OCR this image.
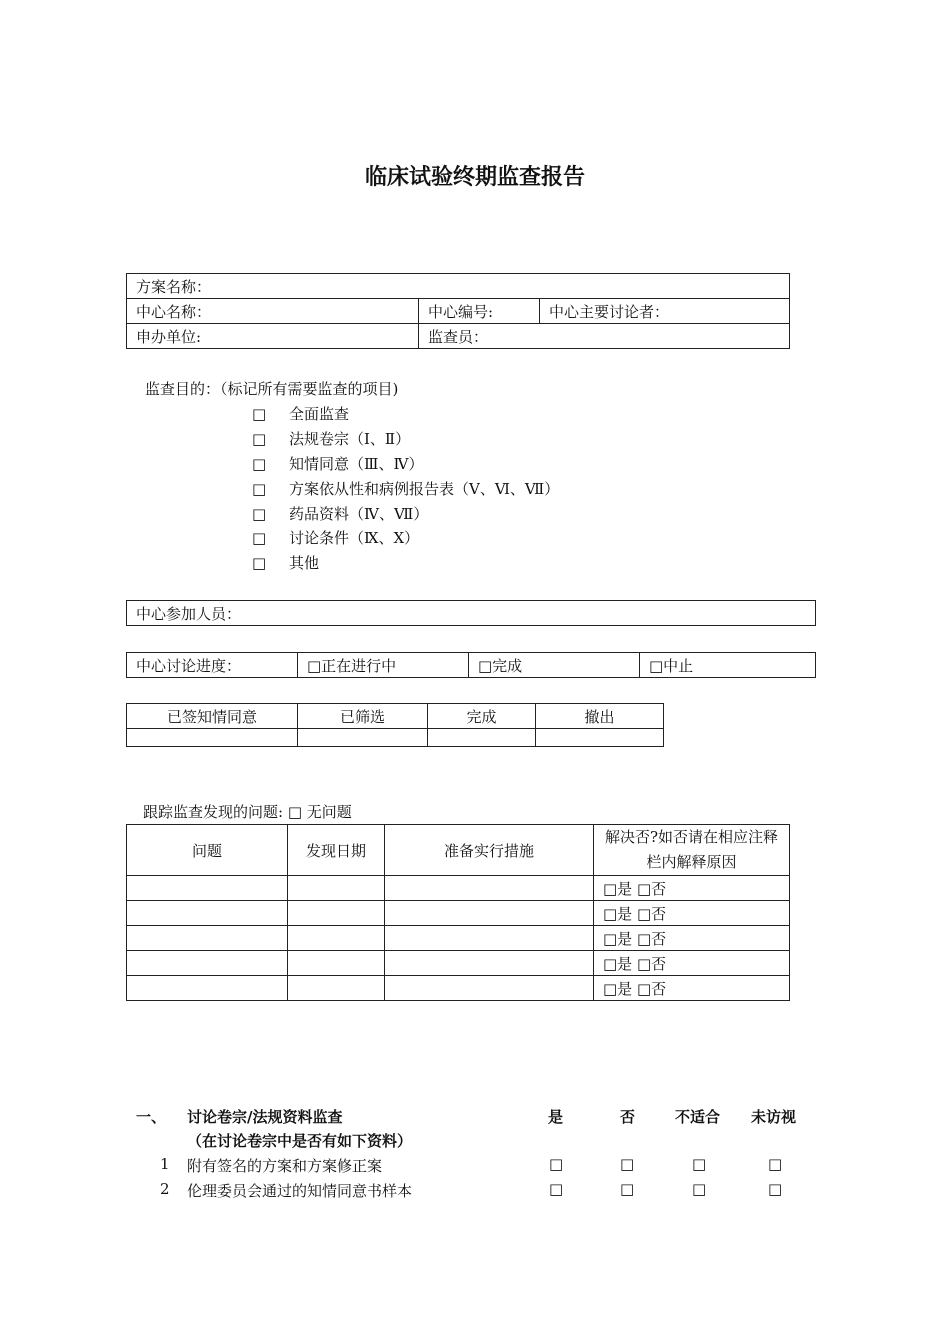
临床试验终期监查报告
方案名称：		
中心名称：	中心编号:	中心主要讨论者：
申办单位:	监查员：	
监查目的：（标记所有需要监查的项目)
□ 全面监查
□ 法规卷宗（Ⅰ、Ⅱ）
□ 知情同意（Ⅲ、Ⅳ）
□ 方案依从性和病例报告表（Ⅴ、Ⅵ、Ⅶ）
□ 药品资料（Ⅳ、Ⅶ）
□ 讨论条件（Ⅸ、Ⅹ）
□ 其他
中心参加人员：
中心讨论进度：	□正在进行中	□完成	□中止
已签知情同意	已筛选	完成	撤出

跟踪监查发现的问题: □ 无问题
问题	发现日期	准备实行措施	解决否?如否请在相应注释栏内解释原因
			□是 □否
			□是 □否
			□是 □否
			□是 □否
			□是 □否
一、 讨论卷宗/法规资料监查	是	否	不适合 未访视
（在讨论卷宗中是否有如下资料）
1 附有签名的方案和方案修正案	□	□	□	□
2 伦理委员会通过的知情同意书样本	□	□	□	□
